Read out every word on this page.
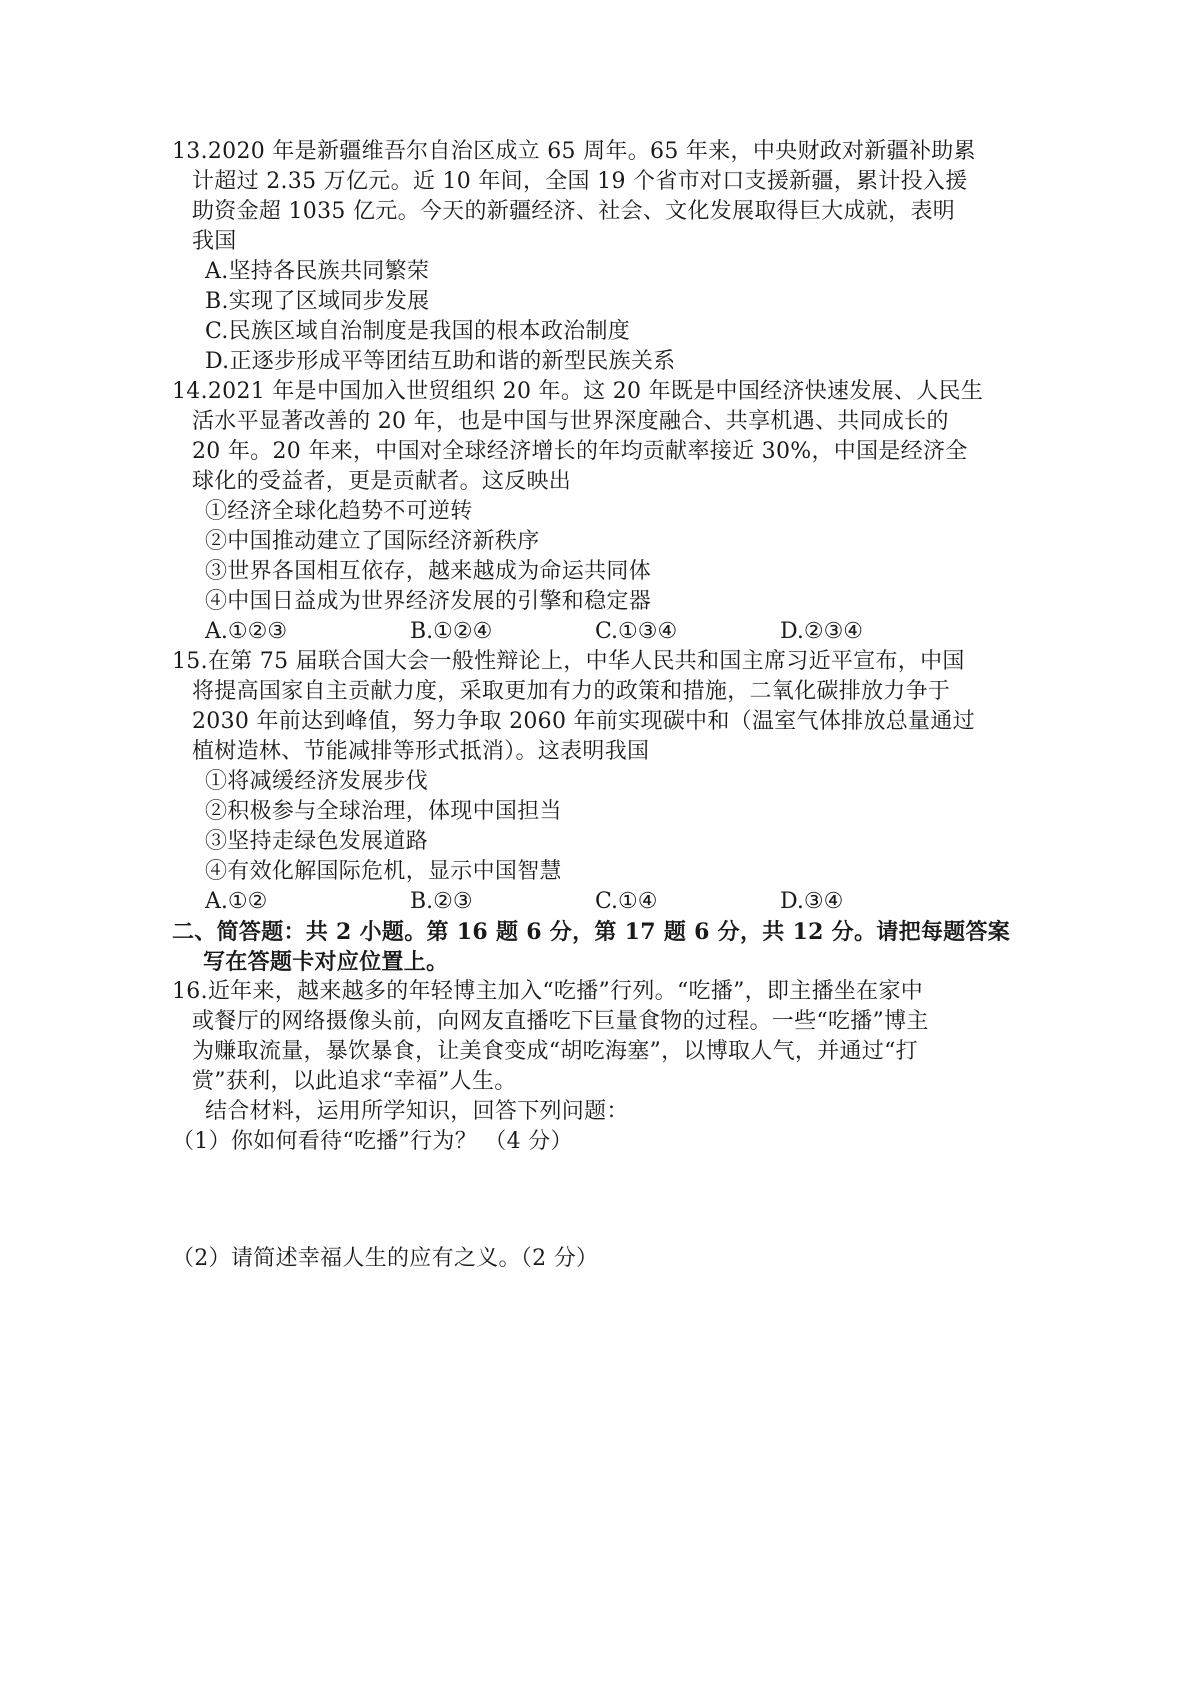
13.2020 年是新疆维吾尔自治区成立 65 周年。65 年来，中央财政对新疆补助累
计超过 2.35 万亿元。近 10 年间，全国 19 个省市对口支援新疆，累计投入援
助资金超 1035 亿元。今天的新疆经济、社会、文化发展取得巨大成就，表明
我国
A.坚持各民族共同繁荣
B.实现了区域同步发展
C.民族区域自治制度是我国的根本政治制度
D.正逐步形成平等团结互助和谐的新型民族关系
14.2021 年是中国加入世贸组织 20 年。这 20 年既是中国经济快速发展、人民生
活水平显著改善的 20 年，也是中国与世界深度融合、共享机遇、共同成长的
20 年。20 年来，中国对全球经济增长的年均贡献率接近 30%，中国是经济全
球化的受益者，更是贡献者。这反映出
①经济全球化趋势不可逆转
②中国推动建立了国际经济新秩序
③世界各国相互依存，越来越成为命运共同体
④中国日益成为世界经济发展的引擎和稳定器
A.①②③	B.①②④	C.①③④	D.②③④
15.在第 75 届联合国大会一般性辩论上，中华人民共和国主席习近平宣布，中国
将提高国家自主贡献力度，采取更加有力的政策和措施，二氧化碳排放力争于
2030 年前达到峰值，努力争取 2060 年前实现碳中和（温室气体排放总量通过
植树造林、节能减排等形式抵消）。这表明我国
①将减缓经济发展步伐
②积极参与全球治理，体现中国担当
③坚持走绿色发展道路
④有效化解国际危机，显示中国智慧
A.①②	B.②③	C.①④	D.③④
二、简答题：共 2 小题。第 16 题 6 分，第 17 题 6 分，共 12 分。请把每题答案
写在答题卡对应位置上。
16.近年来，越来越多的年轻博主加入“吃播”行列。“吃播”，即主播坐在家中
或餐厅的网络摄像头前，向网友直播吃下巨量食物的过程。一些“吃播”博主
为赚取流量，暴饮暴食，让美食变成“胡吃海塞”，以博取人气，并通过“打
赏”获利，以此追求“幸福”人生。
结合材料，运用所学知识，回答下列问题：
（1）你如何看待“吃播”行为？ （4 分）
（2）请简述幸福人生的应有之义。（2 分）
